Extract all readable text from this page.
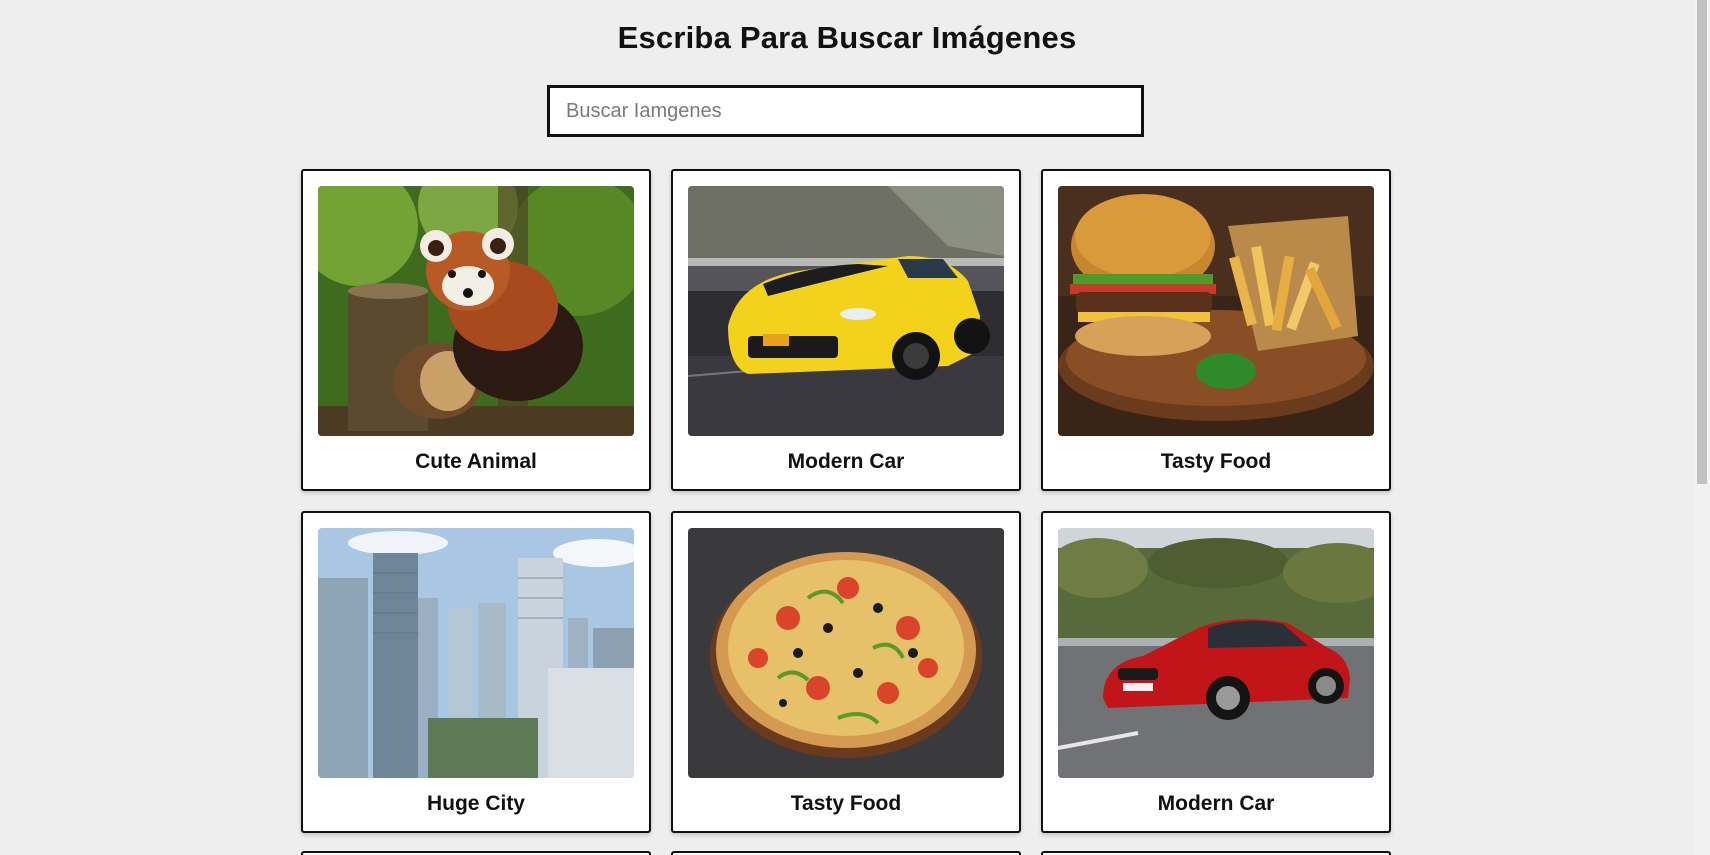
Escriba Para Buscar Imágenes
Buscar Iamgenes
Cute Animal	Modern Car	Tasty Food
Huge City	Tasty Food	Modern Car
